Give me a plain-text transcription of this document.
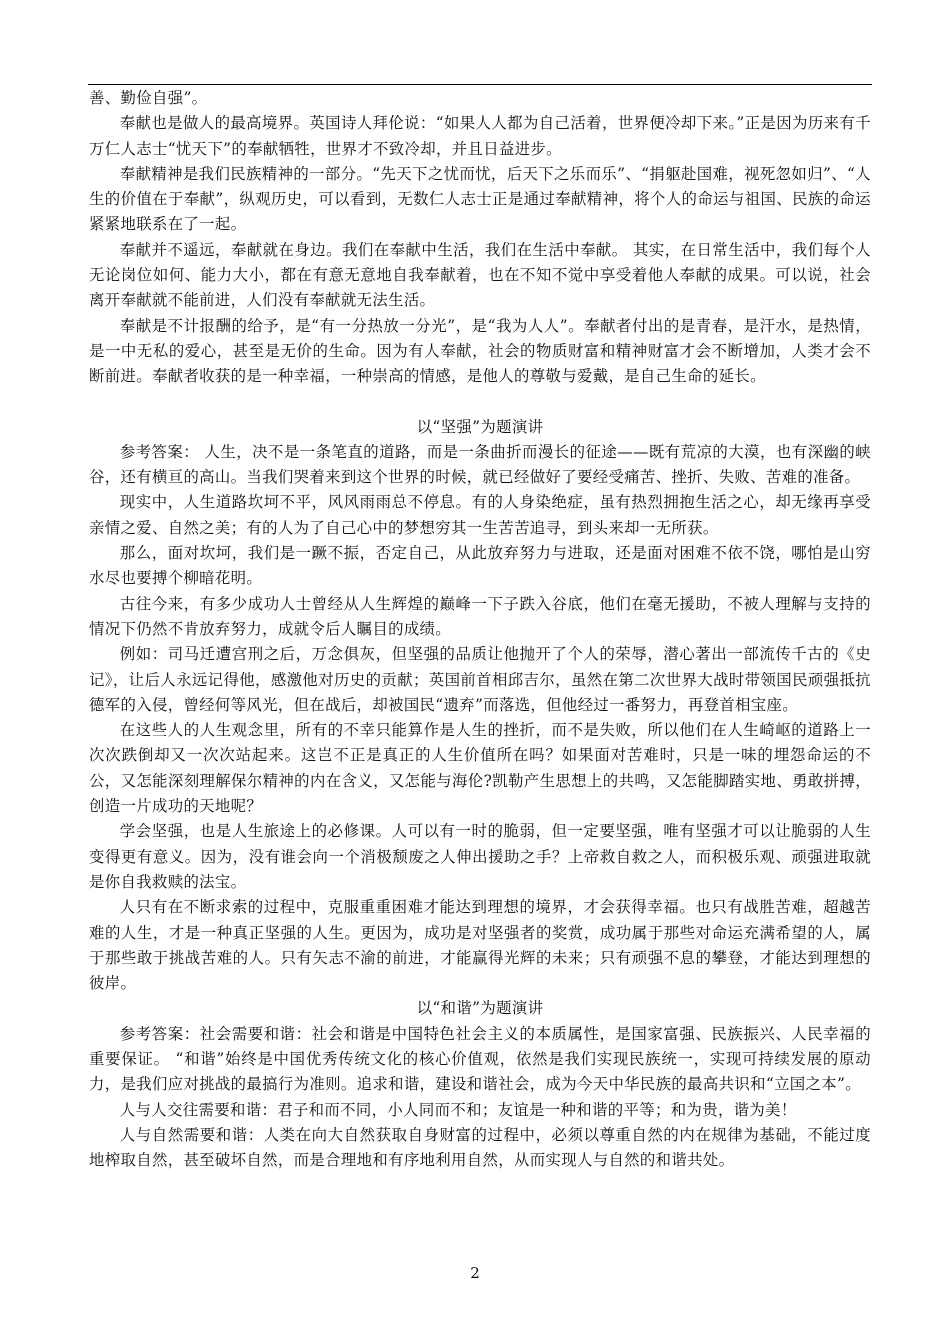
善、勤俭自强”。

奉献也是做人的最高境界。英国诗人拜伦说：“如果人人都为自己活着，世界便冷却下来。”正是因为历来有千万仁人志士“忧天下”的奉献牺牲，世界才不致冷却，并且日益进步。

奉献精神是我们民族精神的一部分。“先天下之忧而忧，后天下之乐而乐”、“捐躯赴国难，视死忽如归”、“人生的价值在于奉献”，纵观历史，可以看到，无数仁人志士正是通过奉献精神，将个人的命运与祖国、民族的命运紧紧地联系在了一起。

奉献并不遥远，奉献就在身边。我们在奉献中生活，我们在生活中奉献。 其实，在日常生活中，我们每个人无论岗位如何、能力大小，都在有意无意地自我奉献着，也在不知不觉中享受着他人奉献的成果。可以说，社会离开奉献就不能前进，人们没有奉献就无法生活。

奉献是不计报酬的给予，是“有一分热放一分光”，是“我为人人”。奉献者付出的是青春，是汗水，是热情，是一中无私的爱心，甚至是无价的生命。因为有人奉献，社会的物质财富和精神财富才会不断增加，人类才会不断前进。奉献者收获的是一种幸福，一种崇高的情感，是他人的尊敬与爱戴，是自己生命的延长。

以“坚强”为题演讲

参考答案： 人生，决不是一条笔直的道路，而是一条曲折而漫长的征途——既有荒凉的大漠，也有深幽的峡谷，还有横亘的高山。当我们哭着来到这个世界的时候，就已经做好了要经受痛苦、挫折、失败、苦难的准备。

现实中，人生道路坎坷不平，风风雨雨总不停息。有的人身染绝症，虽有热烈拥抱生活之心，却无缘再享受亲情之爱、自然之美；有的人为了自己心中的梦想穷其一生苦苦追寻，到头来却一无所获。

那么，面对坎坷，我们是一蹶不振，否定自己，从此放弃努力与进取，还是面对困难不依不饶，哪怕是山穷水尽也要搏个柳暗花明。

古往今来，有多少成功人士曾经从人生辉煌的巅峰一下子跌入谷底，他们在毫无援助，不被人理解与支持的情况下仍然不肯放弃努力，成就令后人瞩目的成绩。

例如：司马迁遭宫刑之后，万念俱灰，但坚强的品质让他抛开了个人的荣辱，潜心著出一部流传千古的《史记》，让后人永远记得他，感激他对历史的贡献；英国前首相邱吉尔，虽然在第二次世界大战时带领国民顽强抵抗德军的入侵，曾经何等风光，但在战后，却被国民“遗弃”而落选，但他经过一番努力，再登首相宝座。

在这些人的人生观念里，所有的不幸只能算作是人生的挫折，而不是失败，所以他们在人生崎岖的道路上一次次跌倒却又一次次站起来。这岂不正是真正的人生价值所在吗？如果面对苦难时，只是一味的埋怨命运的不公，又怎能深刻理解保尔精神的内在含义，又怎能与海伦?凯勒产生思想上的共鸣，又怎能脚踏实地、勇敢拼搏，创造一片成功的天地呢？

学会坚强，也是人生旅途上的必修课。人可以有一时的脆弱，但一定要坚强，唯有坚强才可以让脆弱的人生变得更有意义。因为，没有谁会向一个消极颓废之人伸出援助之手？上帝救自救之人，而积极乐观、顽强进取就是你自我救赎的法宝。

人只有在不断求索的过程中，克服重重困难才能达到理想的境界，才会获得幸福。也只有战胜苦难，超越苦难的人生，才是一种真正坚强的人生。更因为，成功是对坚强者的奖赏，成功属于那些对命运充满希望的人，属于那些敢于挑战苦难的人。只有矢志不渝的前进，才能赢得光辉的未来；只有顽强不息的攀登，才能达到理想的彼岸。

以“和谐”为题演讲

参考答案：社会需要和谐：社会和谐是中国特色社会主义的本质属性，是国家富强、民族振兴、人民幸福的重要保证。 “和谐”始终是中国优秀传统文化的核心价值观，依然是我们实现民族统一，实现可持续发展的原动力，是我们应对挑战的最搞行为准则。追求和谐，建设和谐社会，成为今天中华民族的最高共识和“立国之本”。

人与人交往需要和谐：君子和而不同，小人同而不和；友谊是一种和谐的平等；和为贵，谐为美！

人与自然需要和谐：人类在向大自然获取自身财富的过程中，必须以尊重自然的内在规律为基础，不能过度地榨取自然，甚至破坏自然，而是合理地和有序地利用自然，从而实现人与自然的和谐共处。

2
